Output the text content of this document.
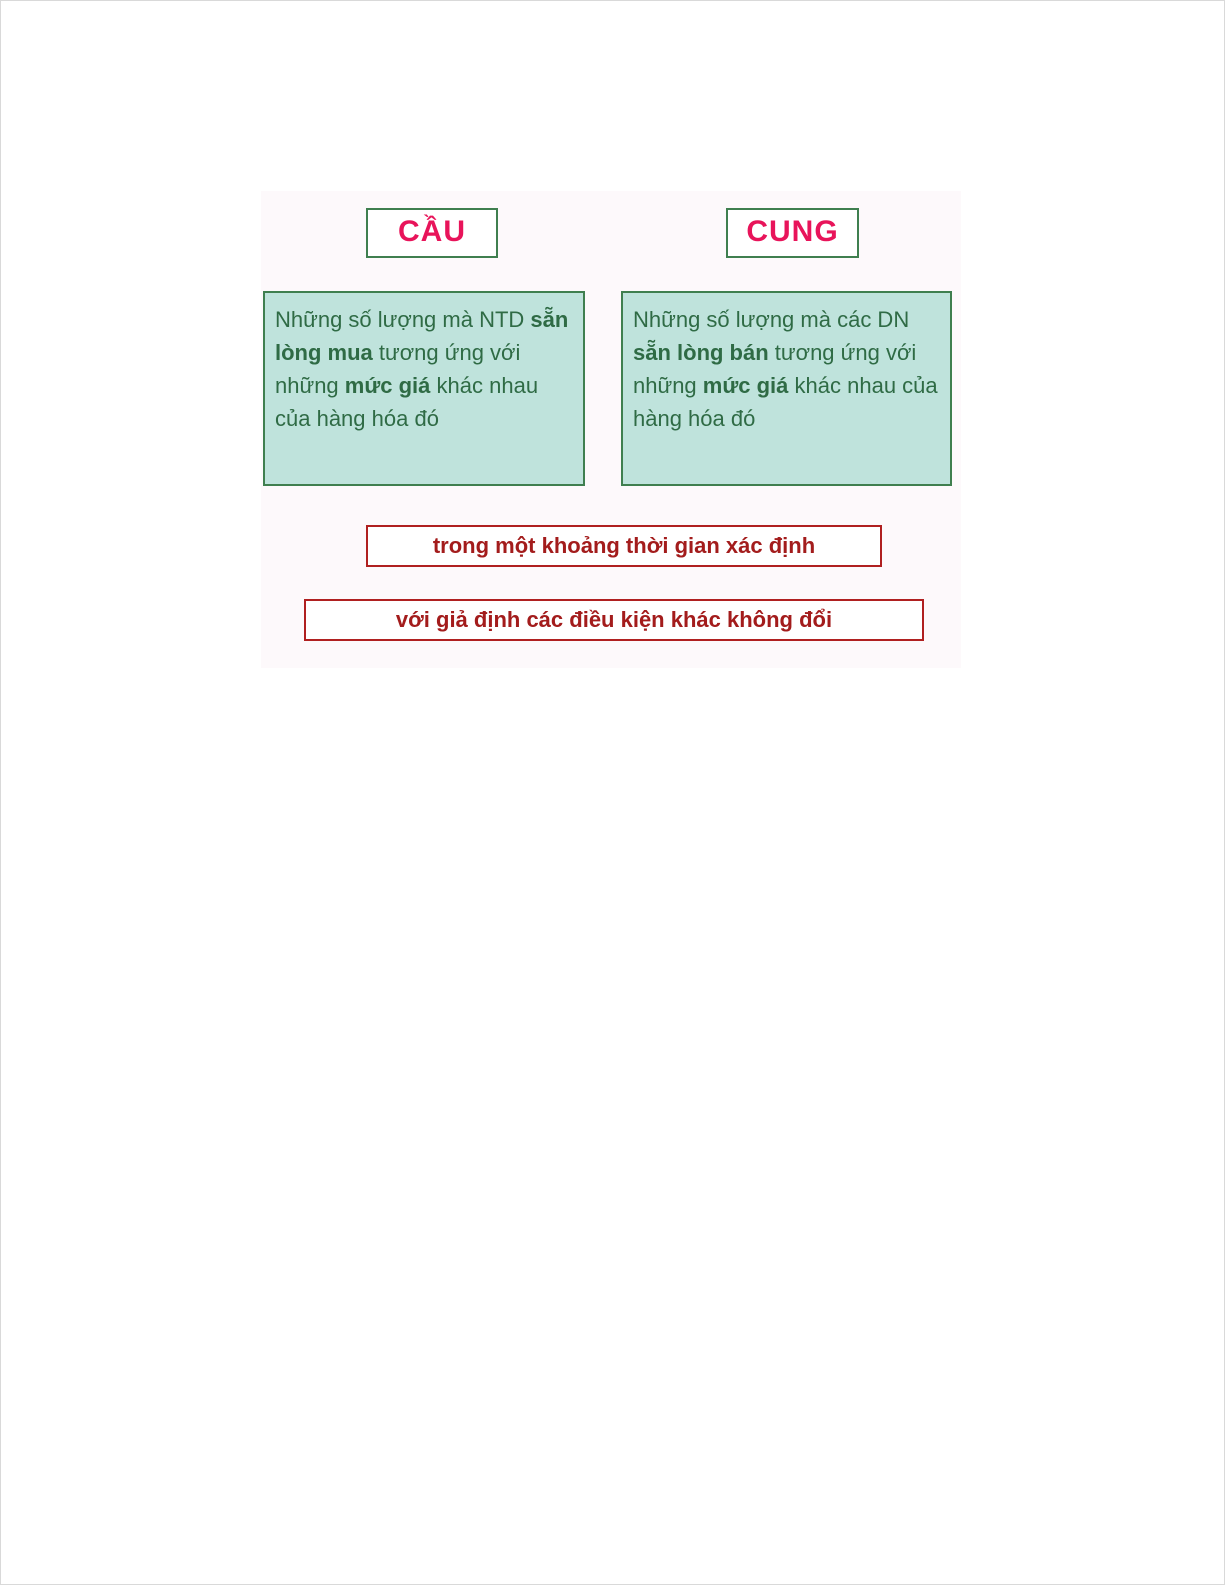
CẦU	CUNG
Những số lượng mà NTD sẵn lòng mua tương ứng với những mức giá khác nhau của hàng hóa đó
Những số lượng mà các DN sẵn lòng bán tương ứng với những mức giá khác nhau của hàng hóa đó
trong một khoảng thời gian xác định
với giả định các điều kiện khác không đổi
